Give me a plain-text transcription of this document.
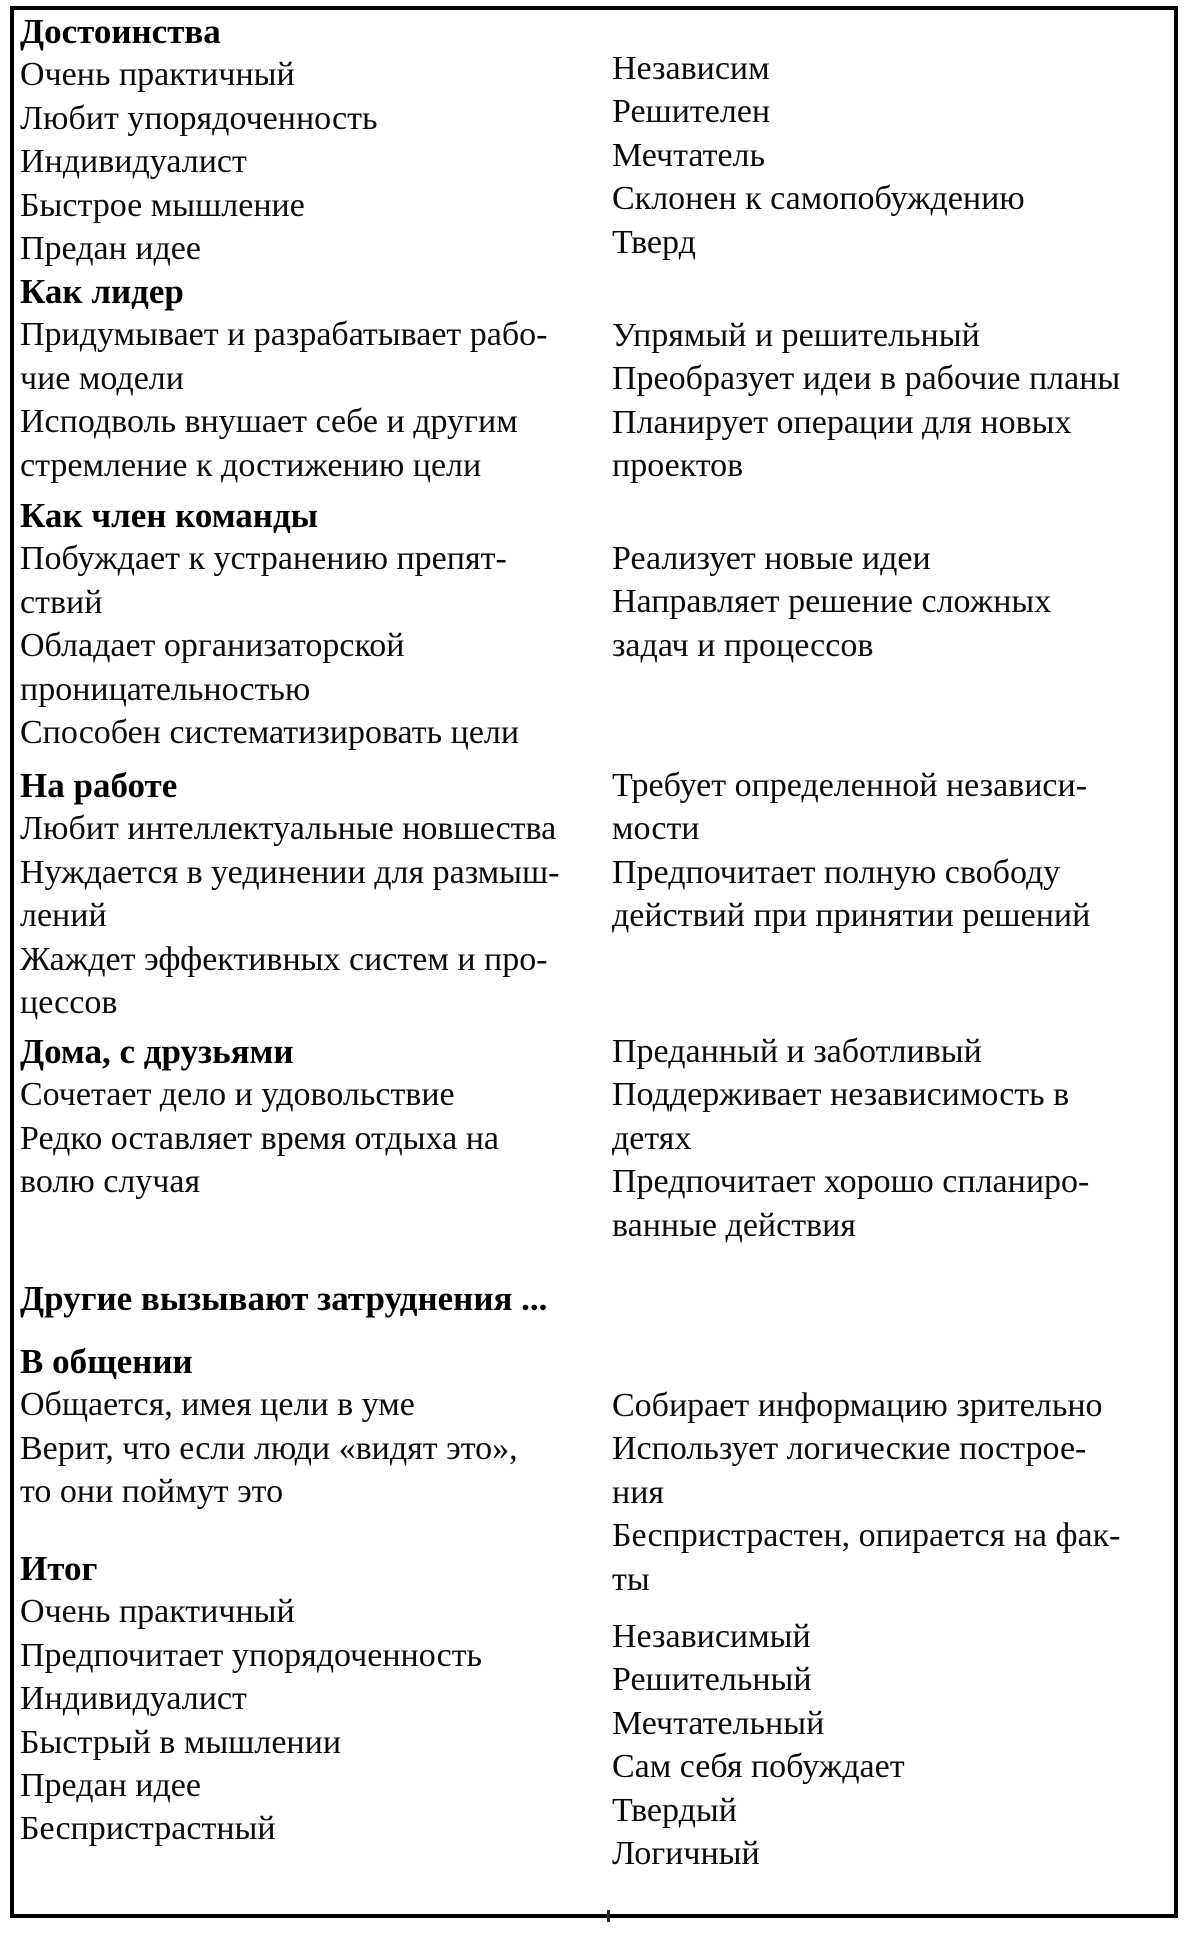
Достоинства
Очень практичный
Любит упорядоченность
Индивидуалист
Быстрое мышление
Предан идее
Независим
Решителен
Мечтатель
Склонен к самопобуждению
Тверд
Как лидер
Придумывает и разрабатывает рабо-
чие модели
Исподволь внушает себе и другим
стремление к достижению цели
Упрямый и решительный
Преобразует идеи в рабочие планы
Планирует операции для новых
проектов
Как член команды
Побуждает к устранению препят-
ствий
Обладает организаторской
проницательностью
Способен систематизировать цели
Реализует новые идеи
Направляет решение сложных
задач и процессов
На работе
Любит интеллектуальные новшества
Нуждается в уединении для размыш-
лений
Жаждет эффективных систем и про-
цессов
Требует определенной независи-
мости
Предпочитает полную свободу
действий при принятии решений
Дома, с друзьями
Сочетает дело и удовольствие
Редко оставляет время отдыха на
волю случая
Преданный и заботливый
Поддерживает независимость в
детях
Предпочитает хорошо спланиро-
ванные действия
Другие вызывают затруднения ...
В общении
Общается, имея цели в уме
Верит, что если люди «видят это»,
то они поймут это
Собирает информацию зрительно
Использует логические построе-
ния
Беспристрастен, опирается на фак-
ты
Итог
Очень практичный
Предпочитает упорядоченность
Индивидуалист
Быстрый в мышлении
Предан идее
Беспристрастный
Независимый
Решительный
Мечтательный
Сам себя побуждает
Твердый
Логичный
